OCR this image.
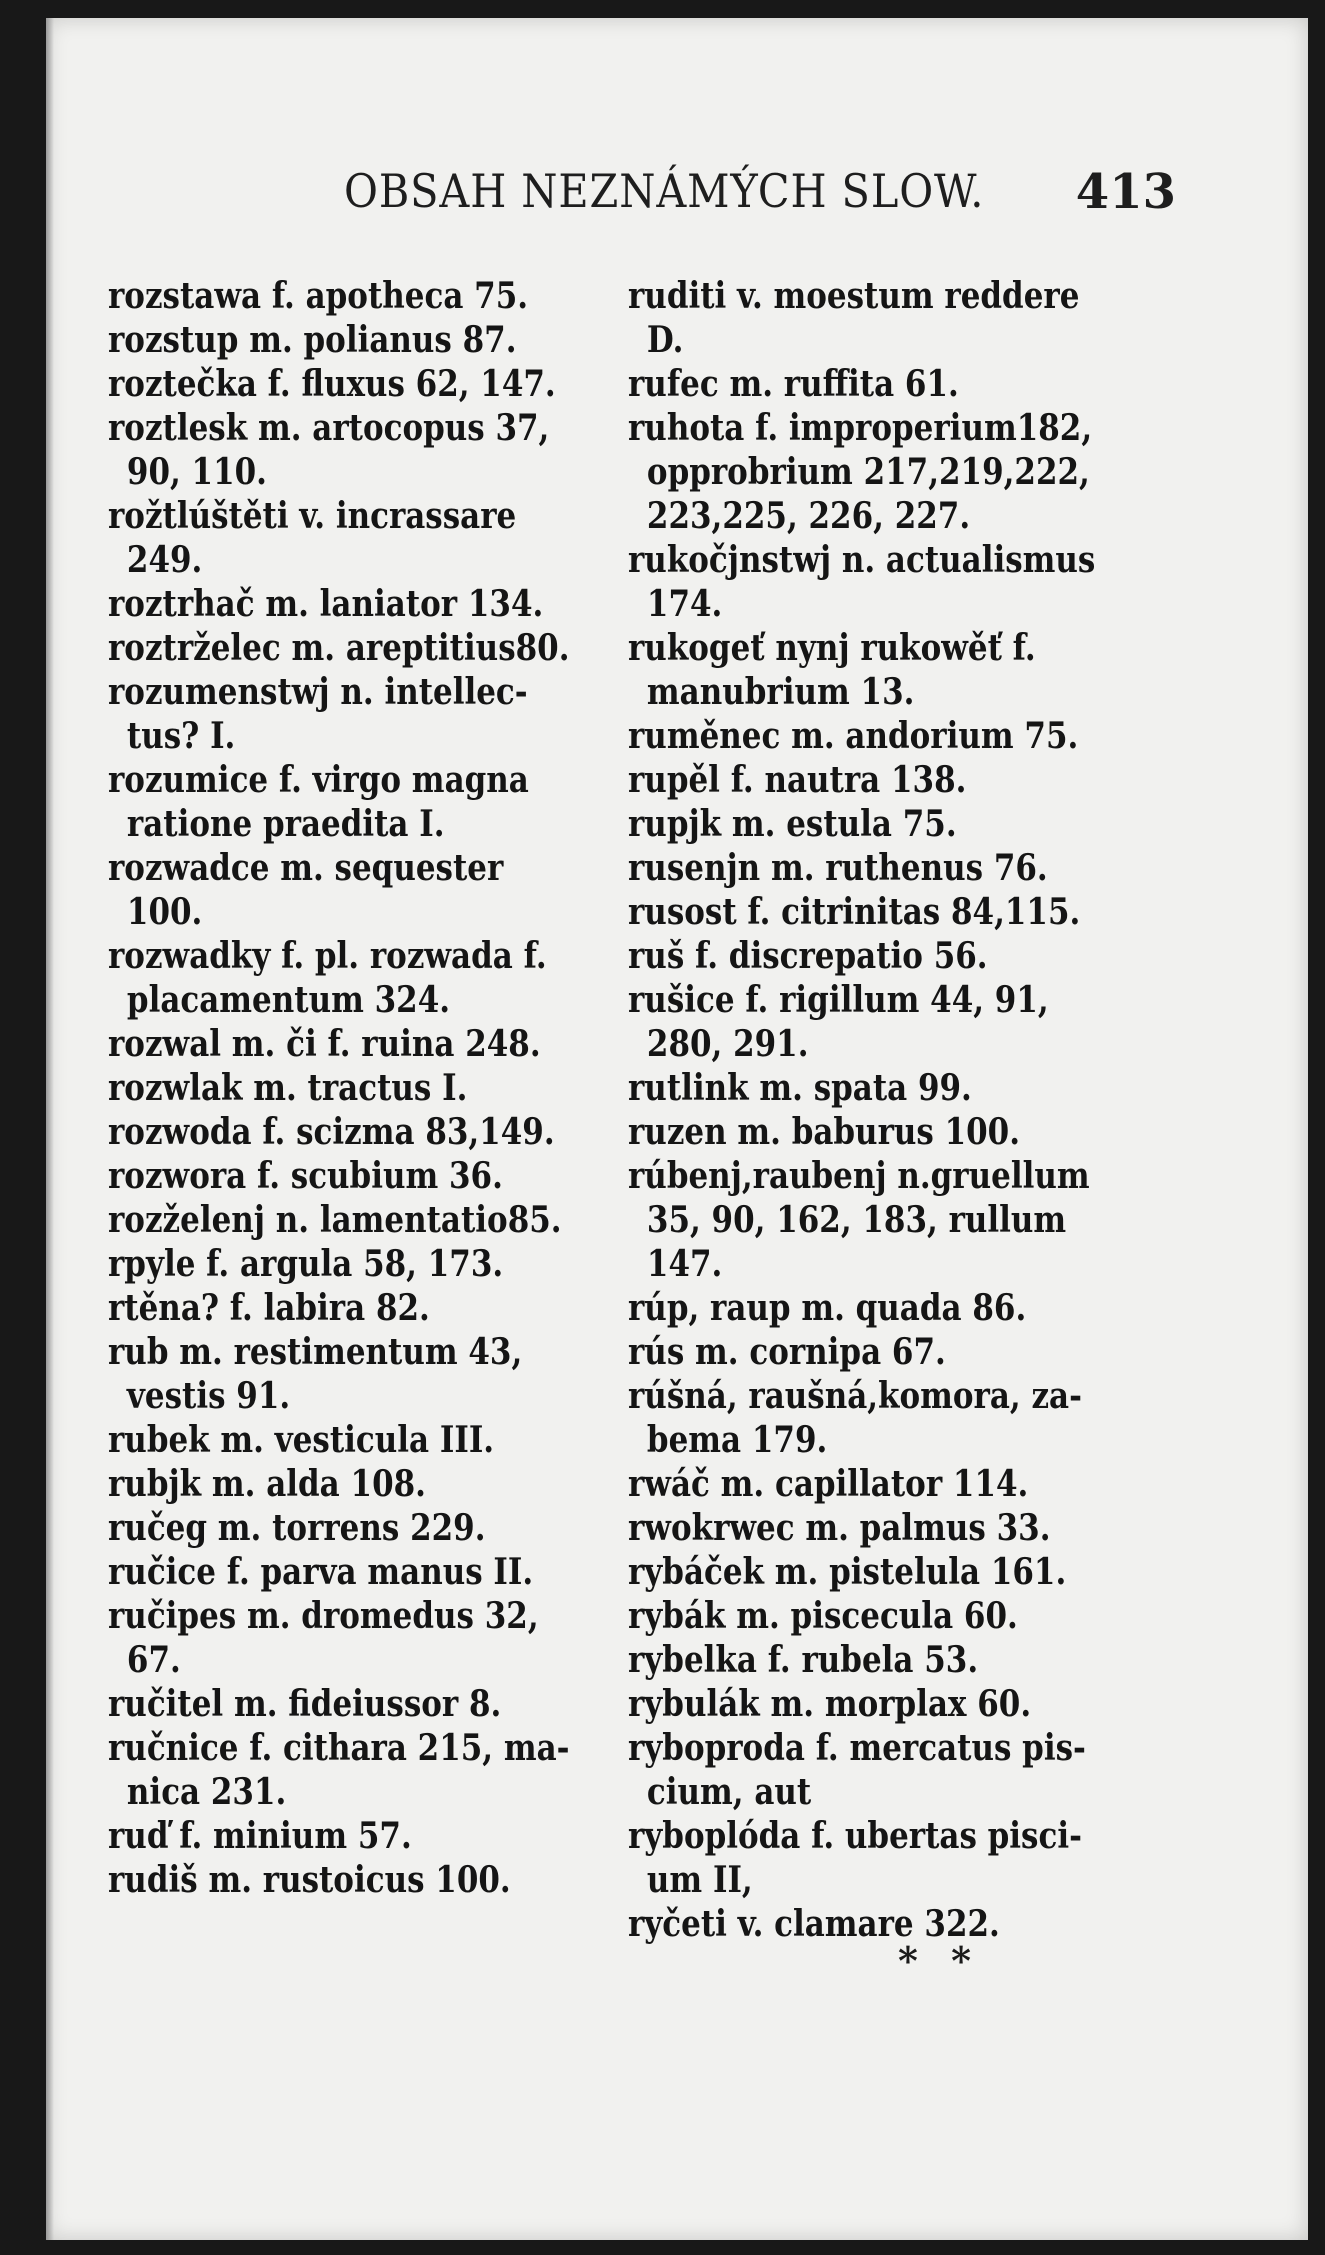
OBSAH NEZNÁMÝCH SLOW. 413
rozstawa f. apotheca 75.
rozstup m. polianus 87.
roztečka f. fluxus 62, 147.
roztlesk m. artocopus 37,
90, 110.
rožtlúštěti v. incrassare
249.
roztrhač m. laniator 134.
roztrželec m. areptitius80.
rozumenstwj n. intellec-
tus? I.
rozumice f. virgo magna
ratione praedita I.
rozwadce m. sequester
100.
rozwadky f. pl. rozwada f.
placamentum 324.
rozwal m. či f. ruina 248.
rozwlak m. tractus I.
rozwoda f. scizma 83,149.
rozwora f. scubium 36.
rozželenj n. lamentatio85.
rpyle f. argula 58, 173.
rtěna? f. labira 82.
rub m. restimentum 43,
vestis 91.
rubek m. vesticula III.
rubjk m. alda 108.
ručeg m. torrens 229.
ručice f. parva manus II.
ručipes m. dromedus 32,
67.
ručitel m. fideiussor 8.
ručnice f. cithara 215, ma-
nica 231.
ruď f. minium 57.
rudiš m. rustoicus 100.
ruditi v. moestum reddere
D.
rufec m. ruffita 61.
ruhota f. improperium182,
opprobrium 217,219,222,
223,225, 226, 227.
rukočjnstwj n. actualismus
174.
rukogeť nynj rukowěť f.
manubrium 13.
ruměnec m. andorium 75.
rupěl f. nautra 138.
rupjk m. estula 75.
rusenjn m. ruthenus 76.
rusost f. citrinitas 84,115.
ruš f. discrepatio 56.
rušice f. rigillum 44, 91,
280, 291.
rutlink m. spata 99.
ruzen m. baburus 100.
rúbenj,raubenj n.gruellum
35, 90, 162, 183, rullum
147.
rúp, raup m. quada 86.
rús m. cornipa 67.
rúšná, raušná,komora, za-
bema 179.
rwáč m. capillator 114.
rwokrwec m. palmus 33.
rybáček m. pistelula 161.
rybák m. piscecula 60.
rybelka f. rubela 53.
rybulák m. morplax 60.
ryboproda f. mercatus pis-
cium, aut
ryboplóda f. ubertas pisci-
um II,
ryčeti v. clamare 322.
* *
